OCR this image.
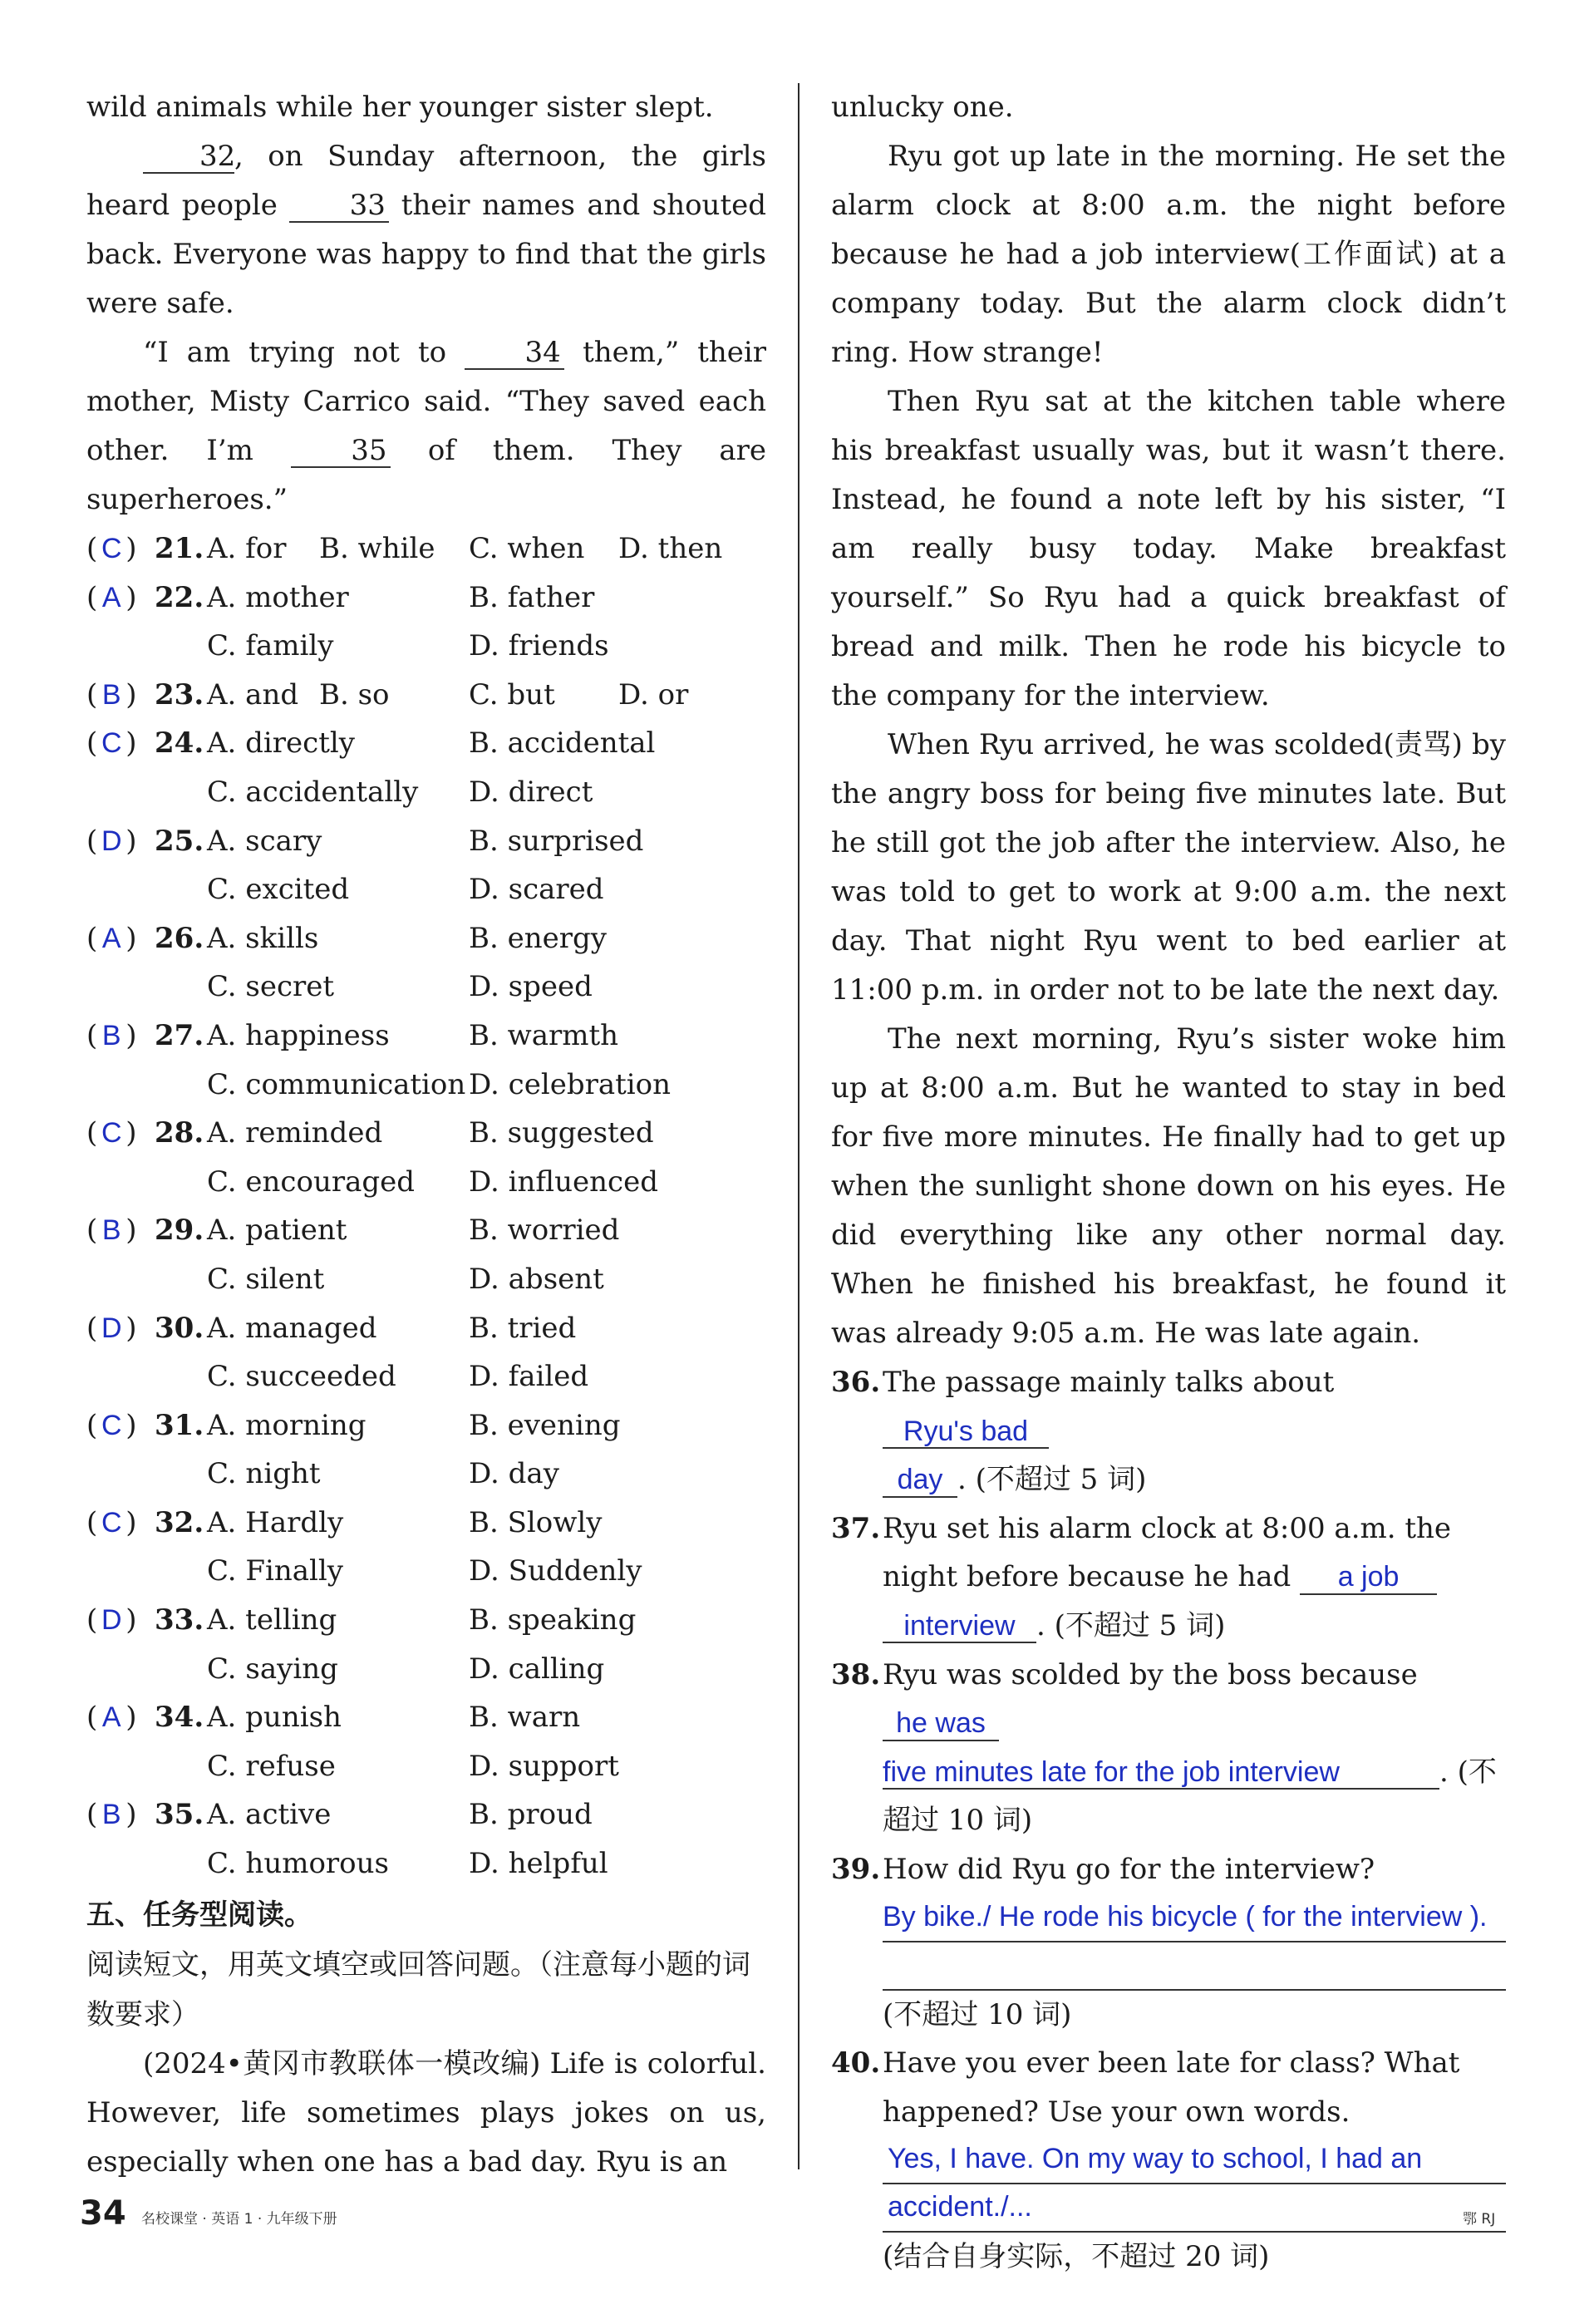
wild animals while her younger sister slept.

32, on Sunday afternoon, the girls heard people	33 their names and shouted back. Everyone was happy to find that the girls were safe.

“I am trying not to	34 them,” their mother, Misty Carrico said. “They saved each other. I’m	35 of them. They are superheroes.”

( C ) 21. A. for B. while C. when D. then
( A ) 22. A. mother	B. father
C. family	D. friends
( B ) 23. A. and B. so	C. but D. or
( C ) 24. A. directly	B. accidental
C. accidentally D. direct
( D ) 25. A. scary	B. surprised
C. excited	D. scared
( A ) 26. A. skills	B. energy
C. secret	D. speed
( B ) 27. A. happiness	B. warmth
C. communication D. celebration
( C ) 28. A. reminded	B. suggested
C. encouraged D. influenced
( B ) 29. A. patient	B. worried
C. silent	D. absent
( D ) 30. A. managed	B. tried
C. succeeded	D. failed
( C ) 31. A. morning	B. evening
C. night	D. day
( C ) 32. A. Hardly	B. Slowly
C. Finally	D. Suddenly
( D ) 33. A. telling	B. speaking
C. saying	D. calling
( A ) 34. A. punish	B. warn
C. refuse	D. support
( B ) 35. A. active	B. proud
C. humorous	D. helpful

五、任务型阅读。

阅读短文，用英文填空或回答问题。（注意每小题的词数要求）

(2024•黄冈市教联体一模改编) Life is colorful. However, life sometimes plays jokes on us, especially when one has a bad day. Ryu is an

unlucky one.

Ryu got up late in the morning. He set the alarm clock at 8:00 a.m. the night before because he had a job interview(工作面试) at a company today. But the alarm clock didn’t ring. How strange!

Then Ryu sat at the kitchen table where his breakfast usually was, but it wasn’t there. Instead, he found a note left by his sister, “I am really busy today. Make breakfast yourself.” So Ryu had a quick breakfast of bread and milk. Then he rode his bicycle to the company for the interview.

When Ryu arrived, he was scolded(责骂) by the angry boss for being five minutes late. But he still got the job after the interview. Also, he was told to get to work at 9:00 a.m. the next day. That night Ryu went to bed earlier at 11:00 p.m. in order not to be late the next day.

The next morning, Ryu’s sister woke him up at 8:00 a.m. But he wanted to stay in bed for five more minutes. He finally had to get up when the sunlight shone down on his eyes. He did everything like any other normal day. When he finished his breakfast, he found it was already 9:05 a.m. He was late again.

36. The passage mainly talks about Ryu's bad
day . (不超过 5 词)
37. Ryu set his alarm clock at 8:00 a.m. the night before because he had a job
interview . (不超过 5 词)
38. Ryu was scolded by the boss because he was
five minutes late for the job interview	. (不超过 10 词)
39. How did Ryu go for the interview?
By bike./ He rode his bicycle ( for the interview ).
(不超过 10 词)
40. Have you ever been late for class? What happened? Use your own words.
Yes, I have. On my way to school, I had an
accident./...
(结合自身实际，不超过 20 词)
34 名校课堂 · 英语 1 · 九年级下册	鄂 RJ
